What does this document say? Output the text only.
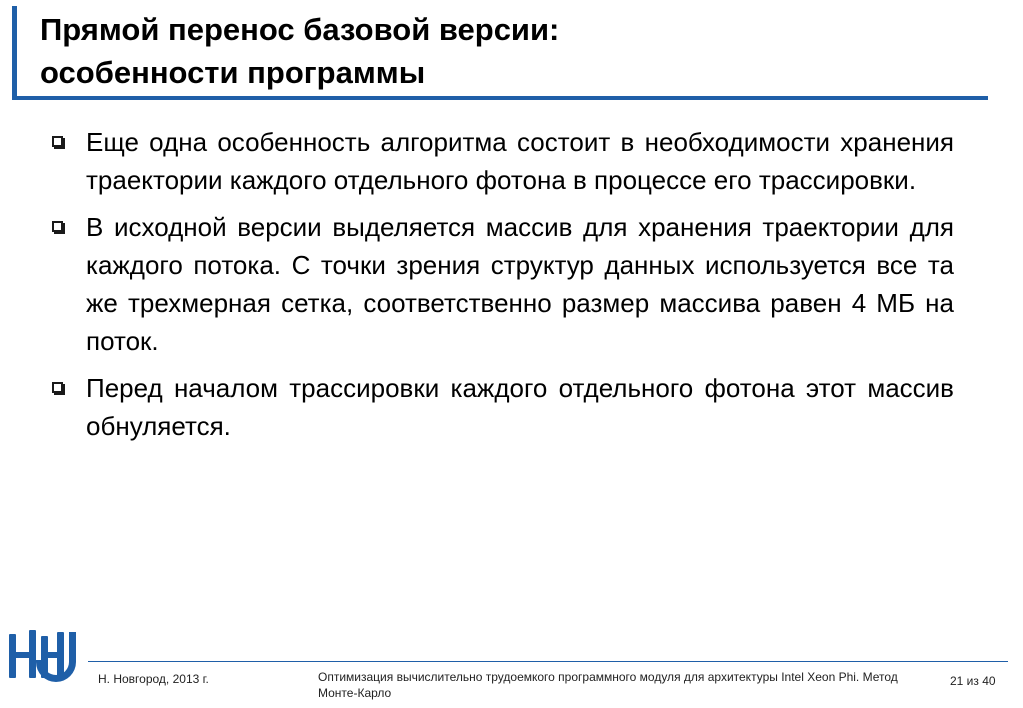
Прямой перенос базовой версии:
особенности программы
Еще одна особенность алгоритма состоит в необходимости хранения траектории каждого отдельного фотона в процессе его трассировки.
В исходной версии выделяется массив для хранения траектории для каждого потока. С точки зрения структур данных используется все та же трехмерная сетка, соответственно размер массива равен 4 МБ на поток.
Перед началом трассировки каждого отдельного фотона этот массив обнуляется.
Н. Новгород, 2013 г.	Оптимизация вычислительно трудоемкого программного модуля для архитектуры Intel Xeon Phi. Метод Монте-Карло
21 из 40
